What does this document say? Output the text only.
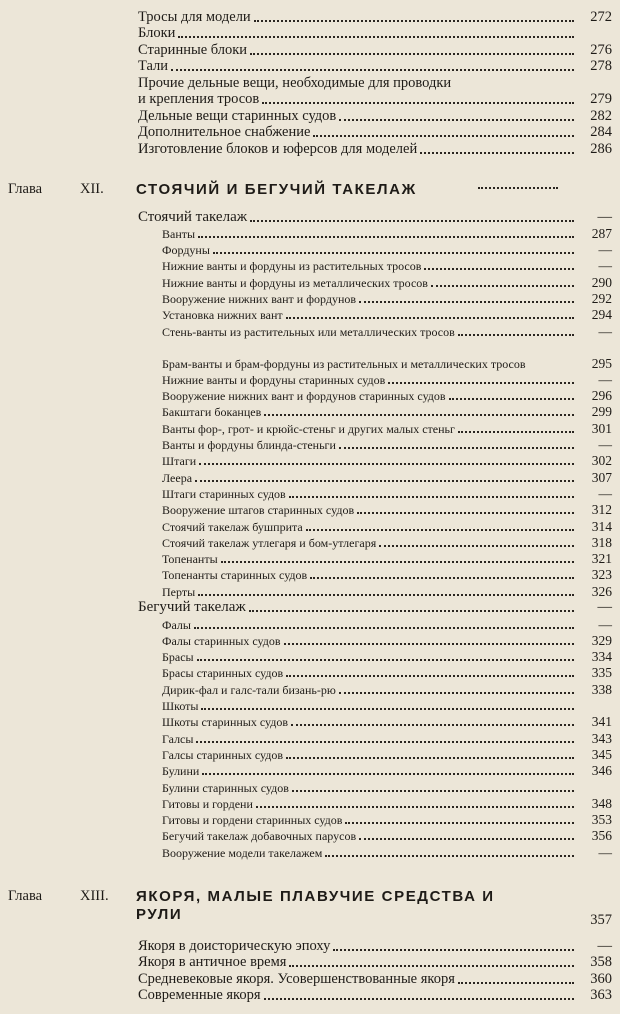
Тросы для модели	272
Блоки
Старинные блоки	276
Тали	278
Прочие дельные вещи, необходимые для проводки
и крепления тросов	279
Дельные вещи старинных судов	282
Дополнительное снабжение	284
Изготовление блоков и юферсов для моделей	286
Глава	XII. СТОЯЧИЙ И БЕГУЧИЙ ТАКЕЛАЖ
Стоячий такелаж	—
Ванты	287
Фордуны	—
Нижние ванты и фордуны из растительных тросов	—
Нижние ванты и фордуны из металлических тросов	290
Вооружение нижних вант и фордунов	292
Установка нижних вант	294
Стень-ванты из растительных или металлических тросов	—
Брам-ванты и брам-фордуны из растительных и металлических тросов	295
Нижние ванты и фордуны старинных судов	—
Вооружение нижних вант и фордунов старинных судов	296
Бакштаги боканцев	299
Ванты фор-, грот- и крюйс-стеньг и других малых стеньг	301
Ванты и фордуны блинда-стеньги	—
Штаги	302
Леера	307
Штаги старинных судов	—
Вооружение штагов старинных судов	312
Стоячий такелаж бушприта	314
Стоячий такелаж утлегаря и бом-утлегаря	318
Топенанты	321
Топенанты старинных судов	323
Перты	326
Бегучий такелаж	—
Фалы	—
Фалы старинных судов	329
Брасы	334
Брасы старинных судов	335
Дирик-фал и галс-тали бизань-рю	338
Шкоты
Шкоты старинных судов	341
Галсы	343
Галсы старинных судов	345
Булини	346
Булини старинных судов
Гитовы и гордени	348
Гитовы и гордени старинных судов	353
Бегучий такелаж добавочных парусов	356
Вооружение модели такелажем	—
Глава	XIII. ЯКОРЯ, МАЛЫЕ ПЛАВУЧИЕ СРЕДСТВА И
РУЛИ	357
Якоря в доисторическую эпоху	—
Якоря в античное время	358
Средневековые якоря. Усовершенствованные якоря	360
Современные якоря	363
